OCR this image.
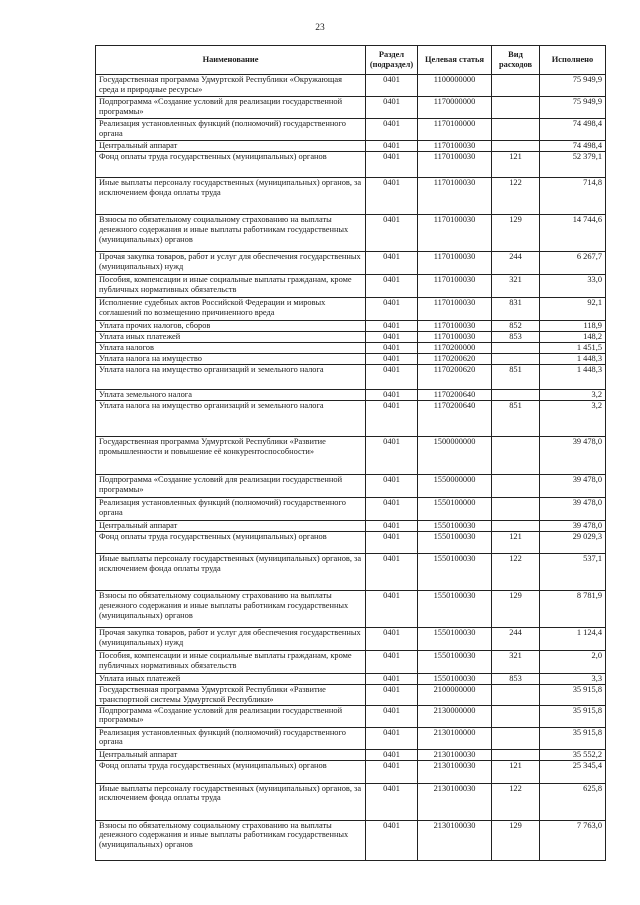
23
Наименование	Раздел (подраздел)	Целевая статья	Вид расходов	Исполнено
Государственная программа Удмуртской Республики «Окружающая среда и природные ресурсы»	0401	1100000000		75 949,9
Подпрограмма «Создание условий для реализации государственной программы»	0401	1170000000		75 949,9
Реализация установленных функций (полномочий) государственного органа	0401	1170100000		74 498,4
Центральный аппарат	0401	1170100030		74 498,4
Фонд оплаты труда государственных (муниципальных) органов	0401	1170100030	121	52 379,1
Иные выплаты персоналу государственных (муниципальных) органов, за исключением фонда оплаты труда	0401	1170100030	122	714,8
Взносы по обязательному социальному страхованию на выплаты денежного содержания и иные выплаты работникам государственных (муниципальных) органов	0401	1170100030	129	14 744,6
Прочая закупка товаров, работ и услуг для обеспечения государственных (муниципальных) нужд	0401	1170100030	244	6 267,7
Пособия, компенсации и иные социальные выплаты гражданам, кроме публичных нормативных обязательств	0401	1170100030	321	33,0
Исполнение судебных актов Российской Федерации и мировых соглашений по возмещению причиненного вреда	0401	1170100030	831	92,1
Уплата прочих налогов, сборов	0401	1170100030	852	118,9
Уплата иных платежей	0401	1170100030	853	148,2
Уплата налогов	0401	1170200000		1 451,5
Уплата налога на имущество	0401	1170200620		1 448,3
Уплата налога на имущество организаций и земельного налога	0401	1170200620	851	1 448,3
Уплата земельного налога	0401	1170200640		3,2
Уплата налога на имущество организаций и земельного налога	0401	1170200640	851	3,2
Государственная программа Удмуртской Республики «Развитие промышленности и повышение её конкурентоспособности»	0401	1500000000		39 478,0
Подпрограмма «Создание условий для реализации государственной программы»	0401	1550000000		39 478,0
Реализация установленных функций (полномочий) государственного органа	0401	1550100000		39 478,0
Центральный аппарат	0401	1550100030		39 478,0
Фонд оплаты труда государственных (муниципальных) органов	0401	1550100030	121	29 029,3
Иные выплаты персоналу государственных (муниципальных) органов, за исключением фонда оплаты труда	0401	1550100030	122	537,1
Взносы по обязательному социальному страхованию на выплаты денежного содержания и иные выплаты работникам государственных (муниципальных) органов	0401	1550100030	129	8 781,9
Прочая закупка товаров, работ и услуг для обеспечения государственных (муниципальных) нужд	0401	1550100030	244	1 124,4
Пособия, компенсации и иные социальные выплаты гражданам, кроме публичных нормативных обязательств	0401	1550100030	321	2,0
Уплата иных платежей	0401	1550100030	853	3,3
Государственная программа Удмуртской Республики «Развитие транспортной системы Удмуртской Республики»	0401	2100000000		35 915,8
Подпрограмма «Создание условий для реализации государственной программы»	0401	2130000000		35 915,8
Реализация установленных функций (полномочий) государственного органа	0401	2130100000		35 915,8
Центральный аппарат	0401	2130100030		35 552,2
Фонд оплаты труда государственных (муниципальных) органов	0401	2130100030	121	25 345,4
Иные выплаты персоналу государственных (муниципальных) органов, за исключением фонда оплаты труда	0401	2130100030	122	625,8
Взносы по обязательному социальному страхованию на выплаты денежного содержания и иные выплаты работникам государственных (муниципальных) органов	0401	2130100030	129	7 763,0
